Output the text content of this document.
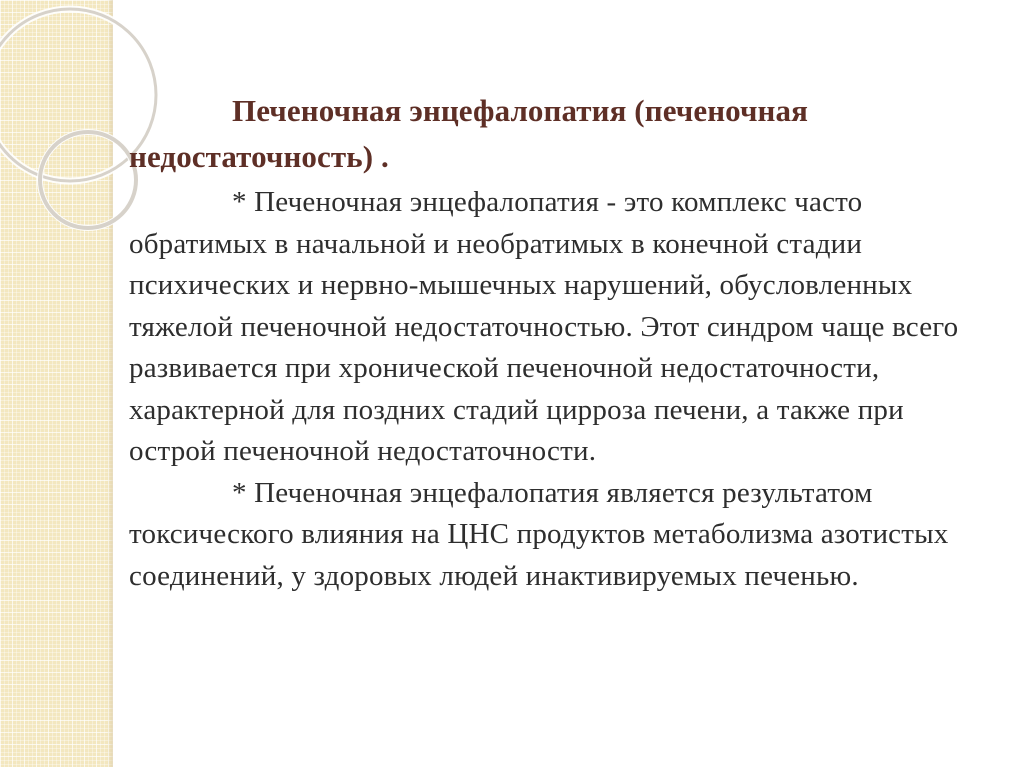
Печеночная энцефалопатия (печеночная недостаточность) .

* Печеночная энцефалопатия - это комплекс часто обратимых в начальной и необратимых в конечной стадии психических и нервно-мышечных нарушений, обусловленных тяжелой печеночной недостаточностью. Этот синдром чаще всего развивается при хронической печеночной недостаточности, характерной для поздних стадий цирроза печени, а также при острой печеночной недостаточности.

* Печеночная энцефалопатия является результатом токсического влияния на ЦНС продуктов метаболизма азотистых соединений, у здоровых людей инактивируемых печенью.
